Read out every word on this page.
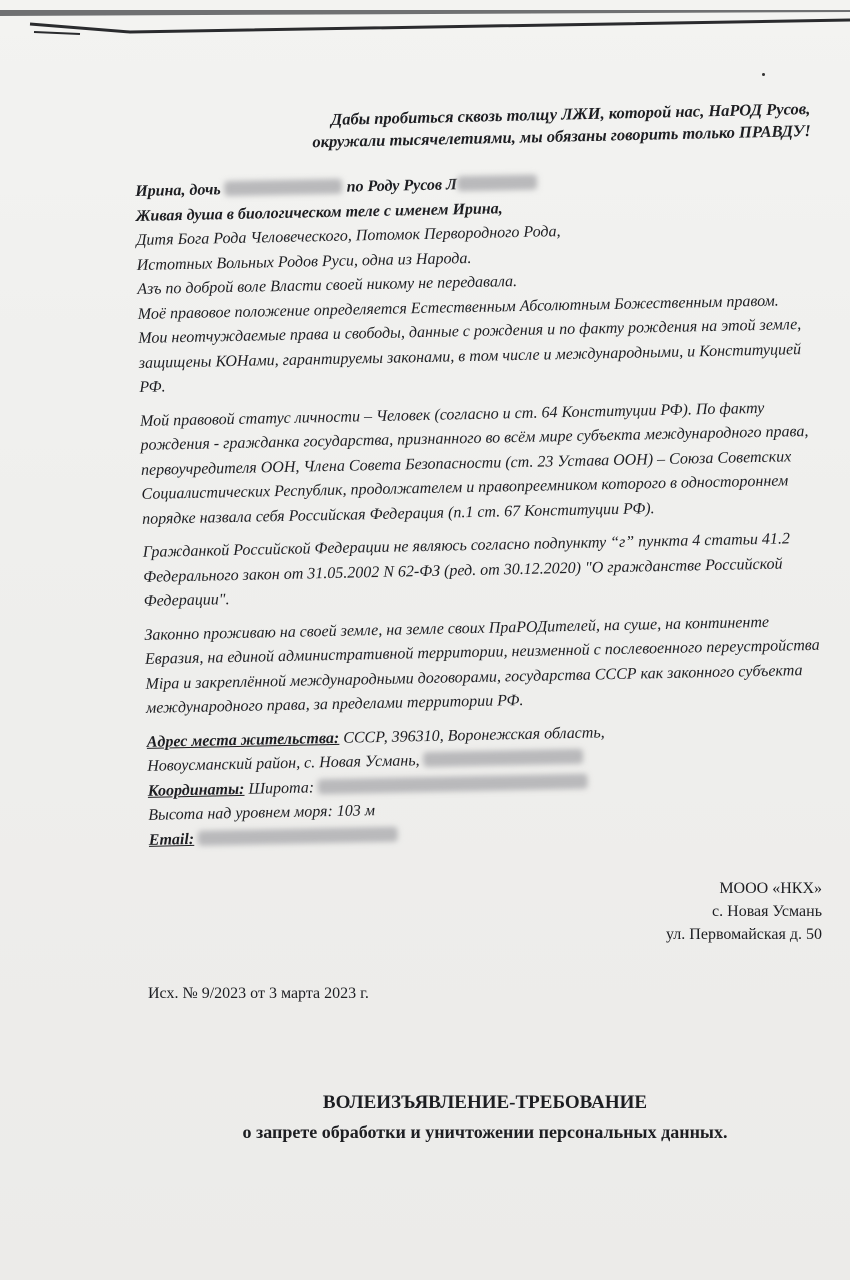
Дабы пробиться сквозь толщу ЛЖИ, которой нас, НаРОД Русов,
окружали тысячелетиями, мы обязаны говорить только ПРАВДУ!

Ирина, дочь	по Роду Русов Л

Живая душа в биологическом теле с именем Ирина,

Дитя Бога Рода Человеческого, Потомок Первородного Рода,

Истотных Вольных Родов Руси, одна из Народа.

Азъ по доброй воле Власти своей никому не передавала.

Моё правовое положение определяется Естественным Абсолютным Божественным правом.

Мои неотчуждаемые права и свободы, данные с рождения и по факту рождения на этой земле, защищены КОНами, гарантируемы законами, в том числе и международными, и Конституцией РФ.

Мой правовой статус личности – Человек (согласно и ст. 64 Конституции РФ). По факту рождения - гражданка государства, признанного во всём мире субъекта международного права, первоучредителя ООН, Члена Совета Безопасности (ст. 23 Устава ООН) – Союза Советских Социалистических Республик, продолжателем и правопреемником которого в одностороннем порядке назвала себя Российская Федерация (п.1 ст. 67 Конституции РФ).

Гражданкой Российской Федерации не являюсь согласно подпункту “г” пункта 4 статьи 41.2 Федерального закон от 31.05.2002 N 62-ФЗ (ред. от 30.12.2020) "О гражданстве Российской Федерации".

Законно проживаю на своей земле, на земле своих ПраРОДителей, на суше, на континенте Евразия, на единой административной территории, неизменной с послевоенного переустройства Міра и закреплённой международными договорами, государства СССР как законного субъекта международного права, за пределами территории РФ.

Адрес места жительства: СССР, 396310, Воронежская область,

Новоусманский район, с. Новая Усмань,

Координаты: Широта:

Высота над уровнем моря: 103 м

Email:

МООО «НКХ»
с. Новая Усмань
ул. Первомайская д. 50
Исх. № 9/2023 от 3 марта 2023 г.
ВОЛЕИЗЪЯВЛЕНИЕ-ТРЕБОВАНИЕ
о запрете обработки и уничтожении персональных данных.
